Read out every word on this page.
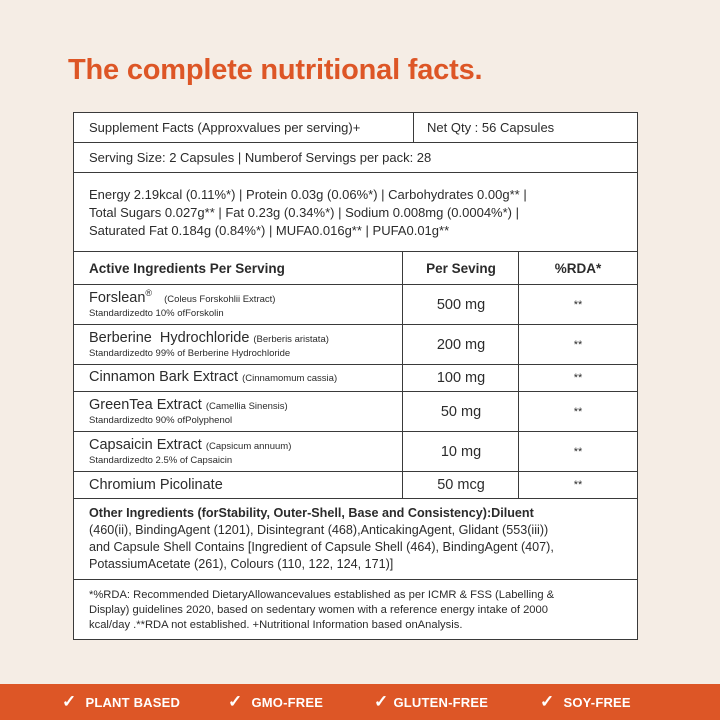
The complete nutritional facts.
Supplement Facts (Approxvalues per serving)+	Net Qty : 56 Capsules
Serving Size: 2 Capsules | Numberof Servings per pack: 28
Energy 2.19kcal (0.11%*) | Protein 0.03g (0.06%*) | Carbohydrates 0.00g** |
Total Sugars 0.027g** | Fat 0.23g (0.34%*) | Sodium 0.008mg (0.0004%*) |
Saturated Fat 0.184g (0.84%*) | MUFA0.016g** | PUFA0.01g**
Active Ingredients Per Serving	Per Seving	%RDA*
Forslean®(Coleus Forskohlii Extract)
Standardizedto 10% ofForskolin
500 mg	**
Berberine  Hydrochloride (Berberis aristata)
Standardizedto 99% of Berberine Hydrochloride
200 mg	**
Cinnamon Bark Extract (Cinnamomum cassia)	100 mg	**
GreenTea Extract (Camellia Sinensis)
Standardizedto 90% ofPolyphenol
50 mg	**
Capsaicin Extract (Capsicum annuum)
Standardizedto 2.5% of Capsaicin
10 mg	**
Chromium Picolinate	50 mcg	**
Other Ingredients (forStability, Outer-Shell, Base and Consistency):Diluent
(460(ii), BindingAgent (1201), Disintegrant (468),AnticakingAgent, Glidant (553(iii))
and Capsule Shell Contains [Ingredient of Capsule Shell (464), BindingAgent (407),
PotassiumAcetate (261), Colours (110, 122, 124, 171)]
*%RDA: Recommended DietaryAllowancevalues established as per ICMR & FSS (Labelling &
Display) guidelines 2020, based on sedentary women with a reference energy intake of 2000
kcal/day .**RDA not established. +Nutritional Information based onAnalysis.
✓ PLANT BASED	✓ GMO-FREE	✓ GLUTEN-FREE	✓ SOY-FREE
